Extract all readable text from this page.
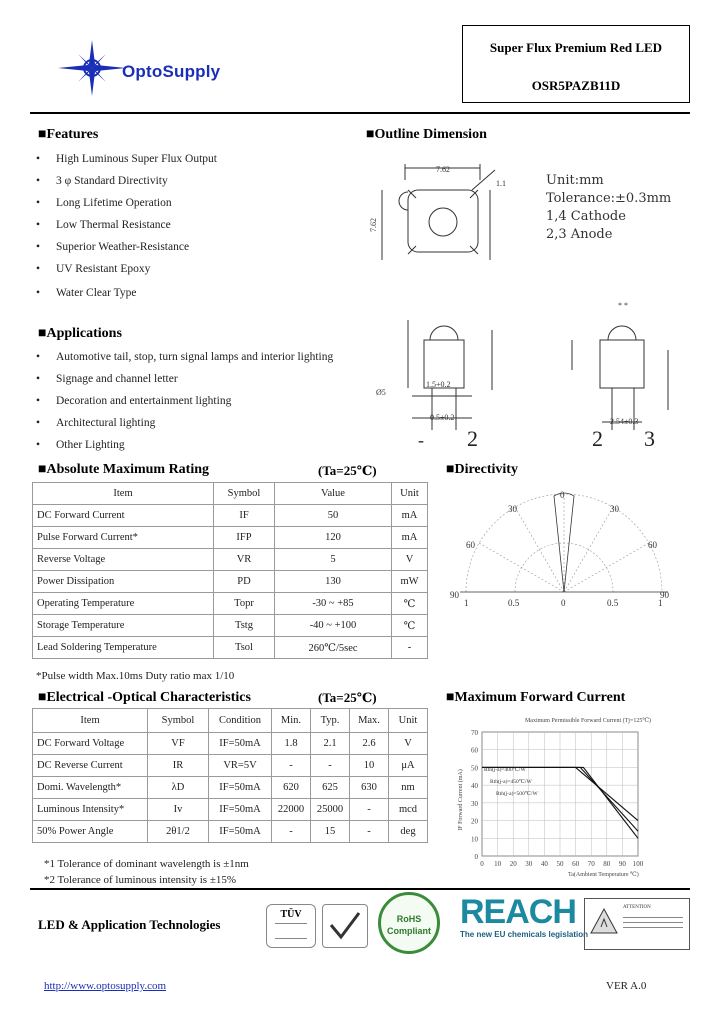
S OptoSupply
Super Flux Premium Red LED
OSR5PAZB11D
■Features
• High Luminous Super Flux Output
• 3 φ Standard Directivity
• Long Lifetime Operation
• Low Thermal Resistance
• Superior Weather-Resistance
• UV Resistant Epoxy
• Water Clear Type
■Outline Dimension
7.62
7.62
1.1	Unit:mm
Tolerance:±0.3mm
1,4 Cathode
2,3 Anode
Ø5
1.5+0.2
0.5±0.2	2.54±0.3
* *
2	2 3
-
■Applications
• Automotive tail, stop, turn signal lamps and interior lighting
• Signage and channel letter
• Decoration and entertainment lighting
• Architectural lighting
• Other Lighting
■Absolute Maximum Rating	(Ta=25℃)
Item	Symbol	Value	Unit
DC Forward Current	IF	50	mA
Pulse Forward Current*	IFP	120	mA
Reverse Voltage	VR	5	V
Power Dissipation	PD	130	mW
Operating Temperature	Topr	-30 ~ +85	℃
Storage Temperature	Tstg	-40 ~ +100	℃
Lead Soldering Temperature	Tsol	260℃/5sec	-
*Pulse width Max.10ms Duty ratio max 1/10
■Directivity
0
30	30
60	60
90	90
1	0.5	0	0.5	1
■Electrical -Optical Characteristics	(Ta=25℃)
Item	Symbol	Condition	Min.	Typ.	Max.	Unit
DC Forward Voltage	VF	IF=50mA	1.8	2.1	2.6	V
DC Reverse Current	IR	VR=5V	-	-	10	μA
Domi. Wavelength*	λD	IF=50mA	620	625	630	nm
Luminous Intensity*	Iv	IF=50mA	22000	25000	-	mcd
50% Power Angle	2θ1/2	IF=50mA	-	15	-	deg
*1 Tolerance of dominant wavelength is ±1nm
*2 Tolerance of luminous intensity is ±15%
■Maximum Forward Current
Maximum Permissible Forward Current (Tj=125℃)
IF Forward Current (mA)
Ta(Ambient Temperature ℃)
0
10
20
30
40
50
60
70
0 10 20 30 40 50 60 70 80 90 100
Rth(j-a)=400℃/W
Rth(j-a)=450℃/W
Rth(j-a)=500℃/W
LED & Application Technologies
TÜV	RoHS Compliant REACH
The new EU chemicals legislation
ATTENTION
http://www.optosupply.com	VER A.0
